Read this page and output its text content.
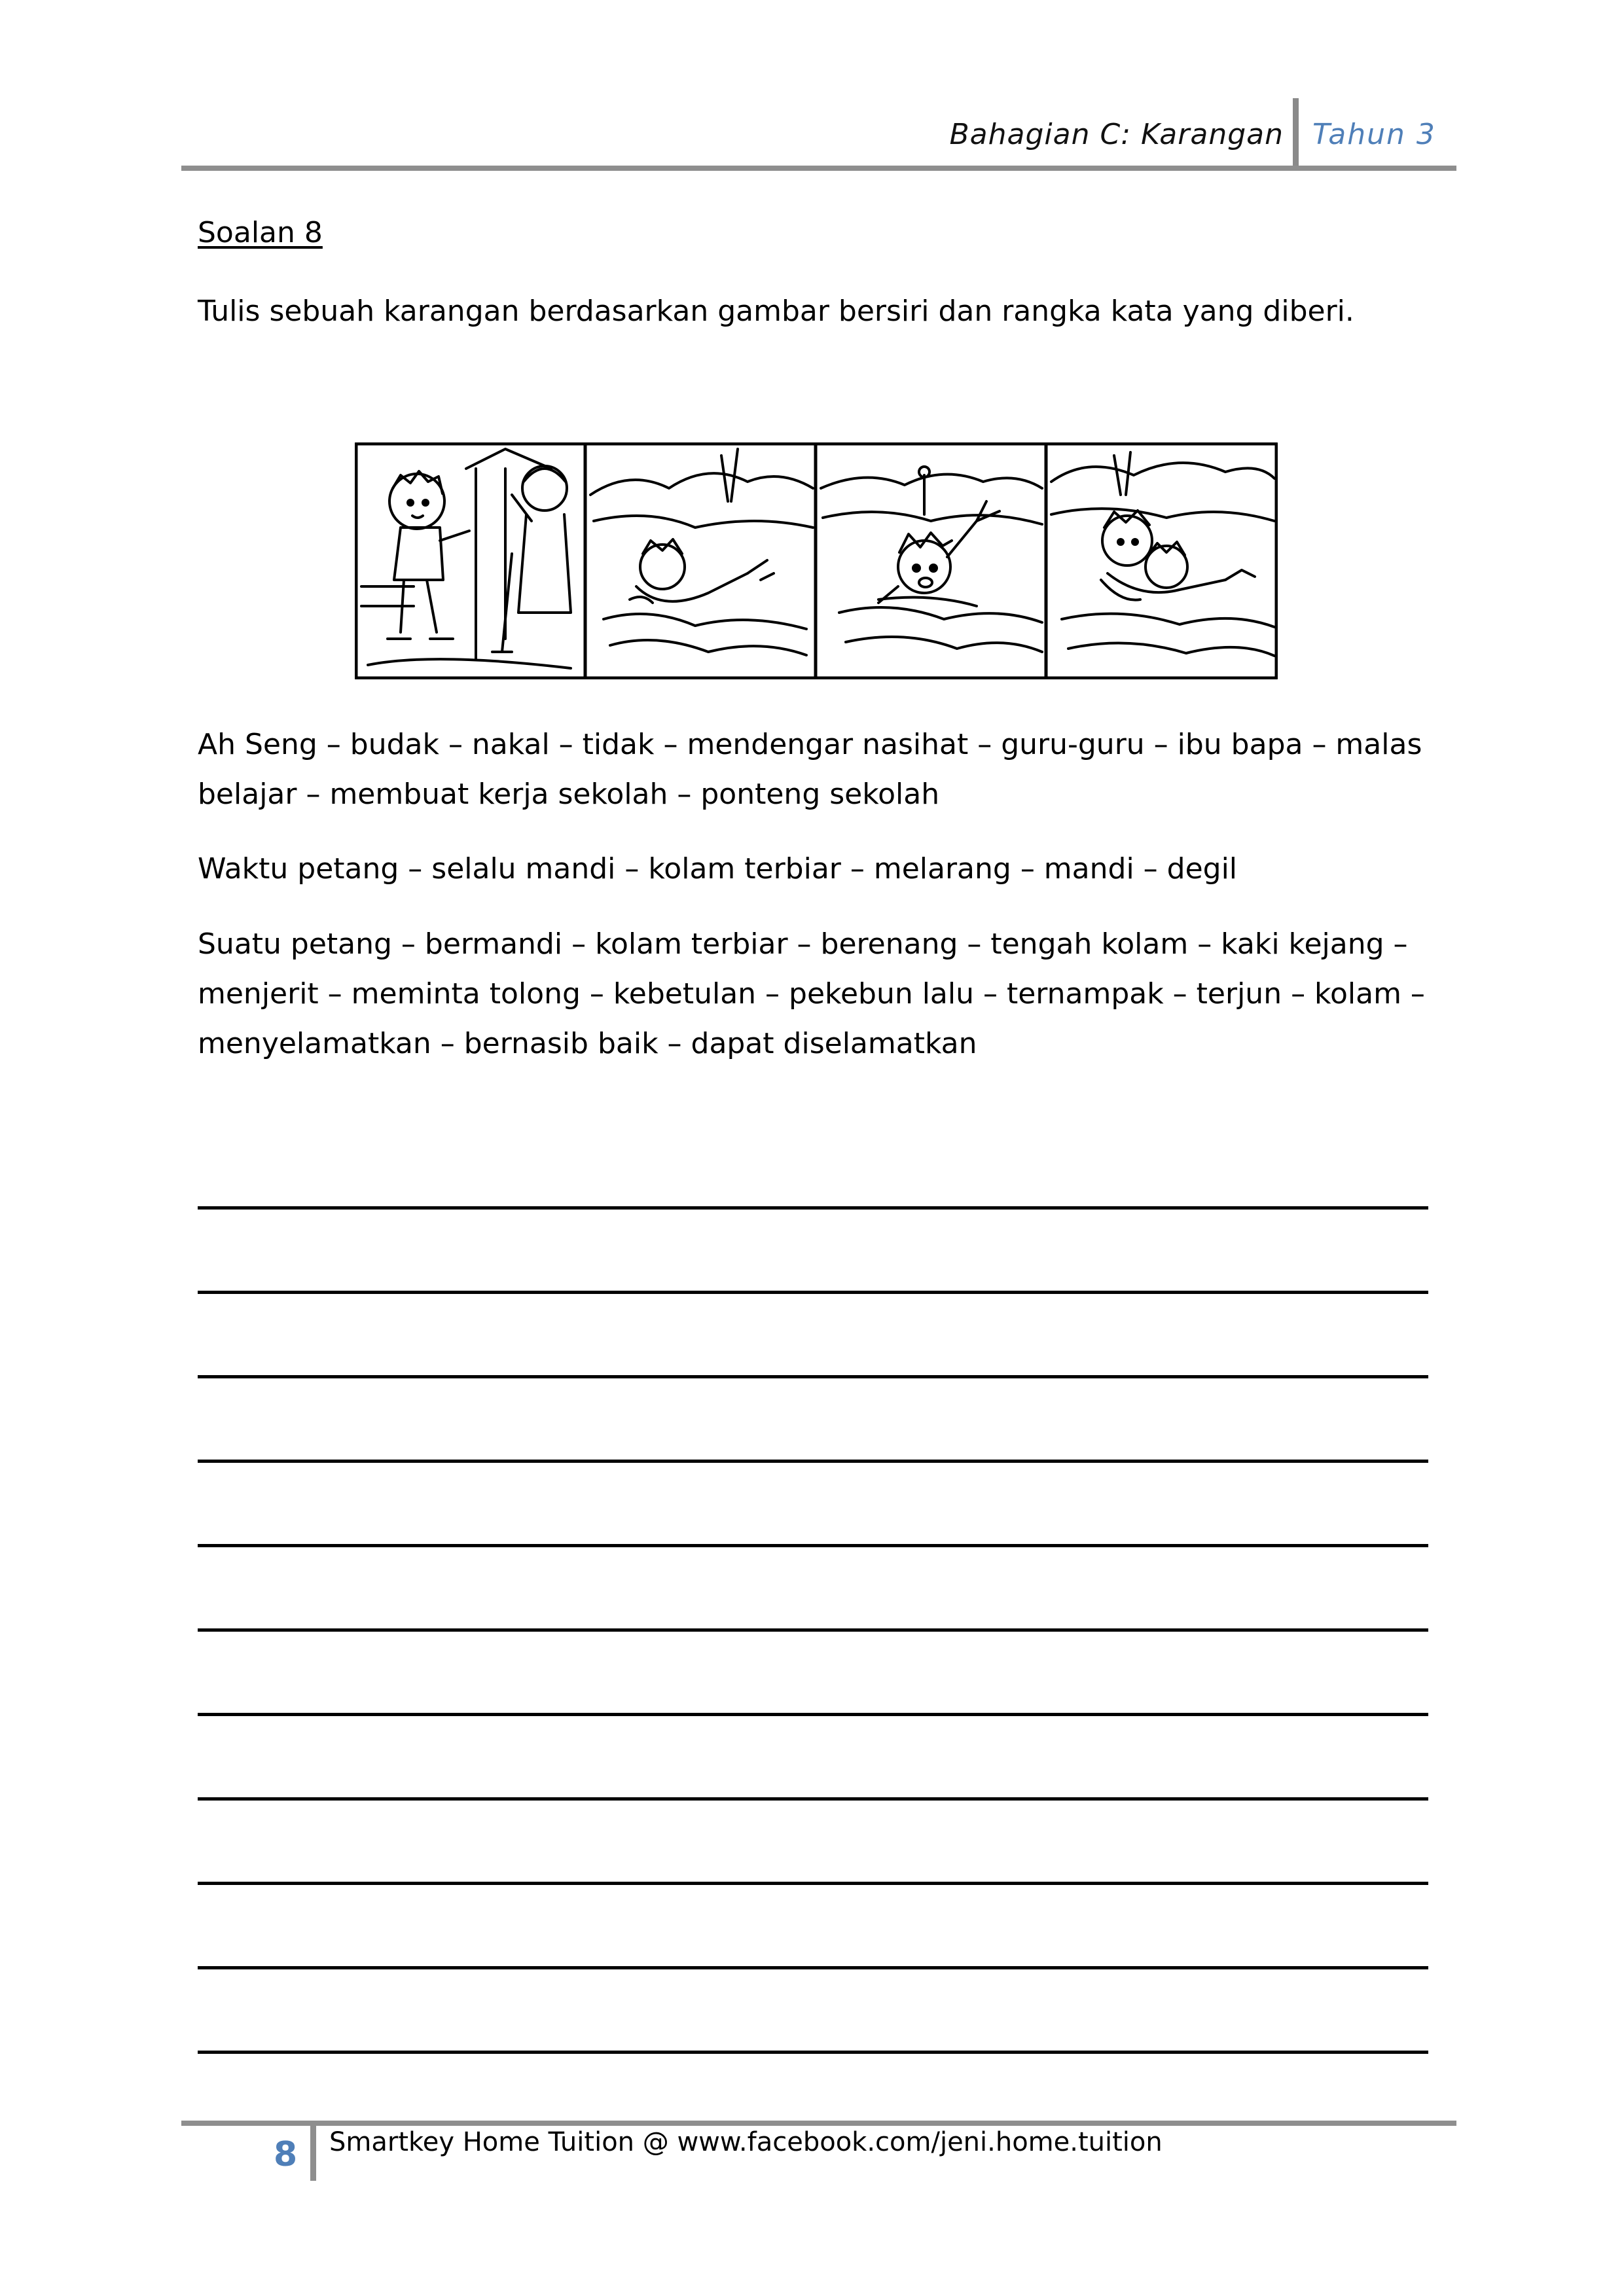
Bahagian C: Karangan Tahun 3
Soalan 8
Tulis sebuah karangan berdasarkan gambar bersiri dan rangka kata yang diberi.
Ah Seng – budak – nakal – tidak – mendengar nasihat – guru-guru – ibu bapa – malas belajar – membuat kerja sekolah – ponteng sekolah
Waktu petang – selalu mandi – kolam terbiar – melarang – mandi – degil
Suatu petang – bermandi – kolam terbiar – berenang – tengah kolam – kaki kejang – menjerit – meminta tolong – kebetulan – pekebun lalu – ternampak – terjun – kolam – menyelamatkan – bernasib baik – dapat diselamatkan
8 Smartkey Home Tuition @ www.facebook.com/jeni.home.tuition
